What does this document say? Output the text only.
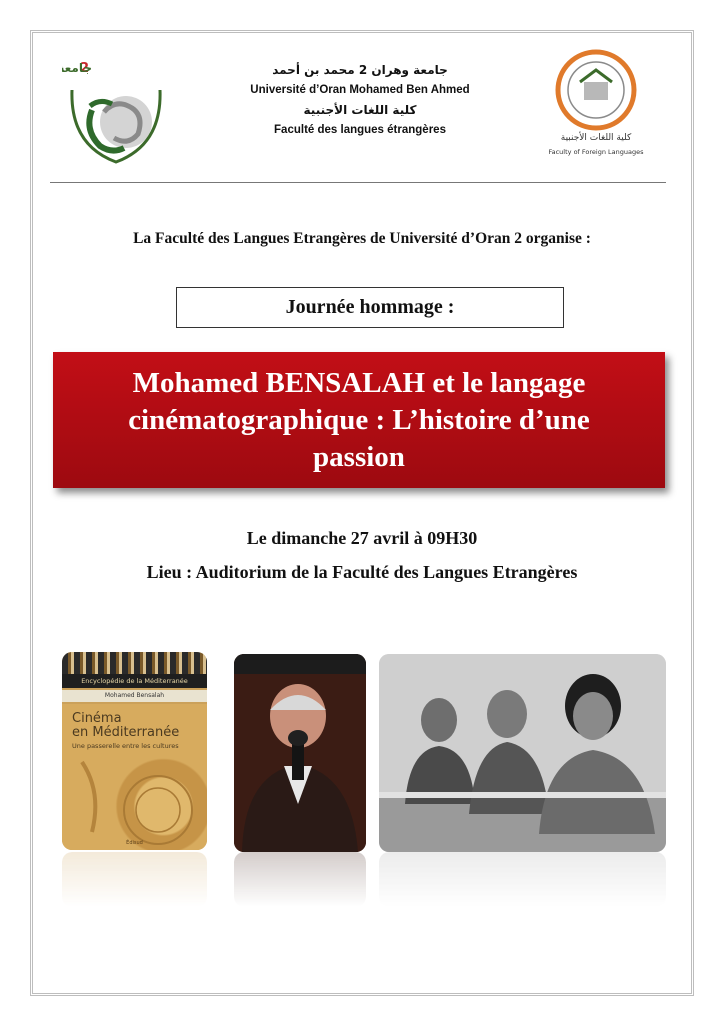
2
جامع	جامعة وهران 2 محمد بن أحمد
Université d’Oran Mohamed Ben Ahmed
كلية اللغات الأجنبية
Faculté des langues étrangères
كلية اللغات الأجنبية
Faculty of Foreign Languages
La Faculté des Langues Etrangères de Université d’Oran 2 organise :
Journée hommage :
Mohamed BENSALAH et le langage
cinématographique : L’histoire d’une
passion
Le dimanche 27 avril à 09H30
Lieu : Auditorium de la Faculté des Langues Etrangères
Encyclopédie de la Méditerranée
Mohamed Bensalah
Cinéma
en Méditerranée
Une passerelle entre les cultures
Édisud
